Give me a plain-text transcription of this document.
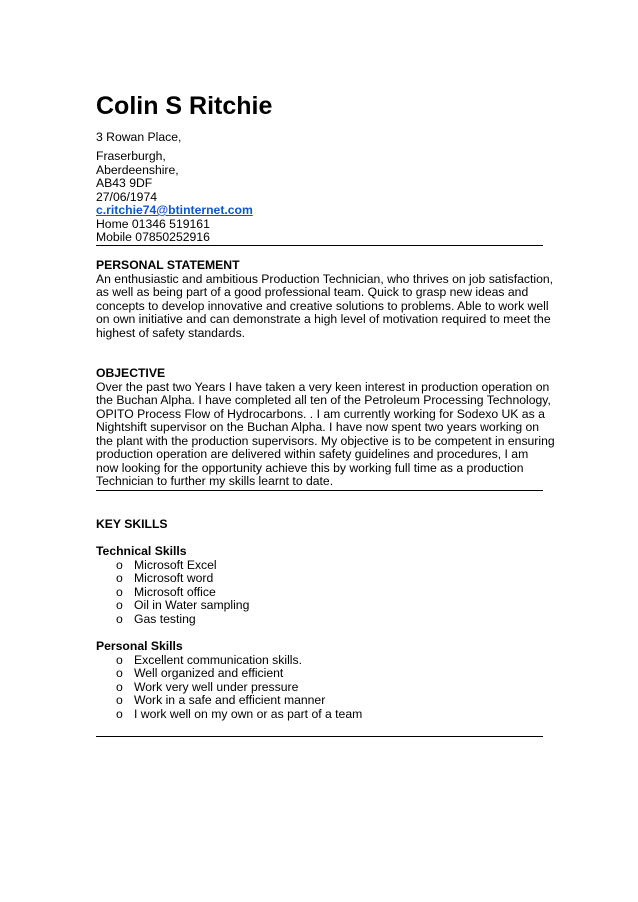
Colin S Ritchie
3 Rowan Place,
Fraserburgh,
Aberdeenshire,
AB43 9DF
27/06/1974
c.ritchie74@btinternet.com
Home 01346 519161
Mobile 07850252916
PERSONAL STATEMENT
An enthusiastic and ambitious Production Technician, who thrives on job satisfaction,
as well as being part of a good professional team. Quick to grasp new ideas and
concepts to develop innovative and creative solutions to problems. Able to work well
on own initiative and can demonstrate a high level of motivation required to meet the
highest of safety standards.
OBJECTIVE
Over the past two Years I have taken a very keen interest in production operation on
the Buchan Alpha. I have completed all ten of the Petroleum Processing Technology,
OPITO Process Flow of Hydrocarbons. . I am currently working for Sodexo UK as a
Nightshift supervisor on the Buchan Alpha. I have now spent two years working on
the plant with the production supervisors. My objective is to be competent in ensuring
production operation are delivered within safety guidelines and procedures, I am
now looking for the opportunity achieve this by working full time as a production
Technician to further my skills learnt to date.
KEY SKILLS
Technical Skills
o Microsoft Excel
o Microsoft word
o Microsoft office
o Oil in Water sampling
o Gas testing
Personal Skills
o Excellent communication skills.
o Well organized and efficient
o Work very well under pressure
o Work in a safe and efficient manner
o I work well on my own or as part of a team
